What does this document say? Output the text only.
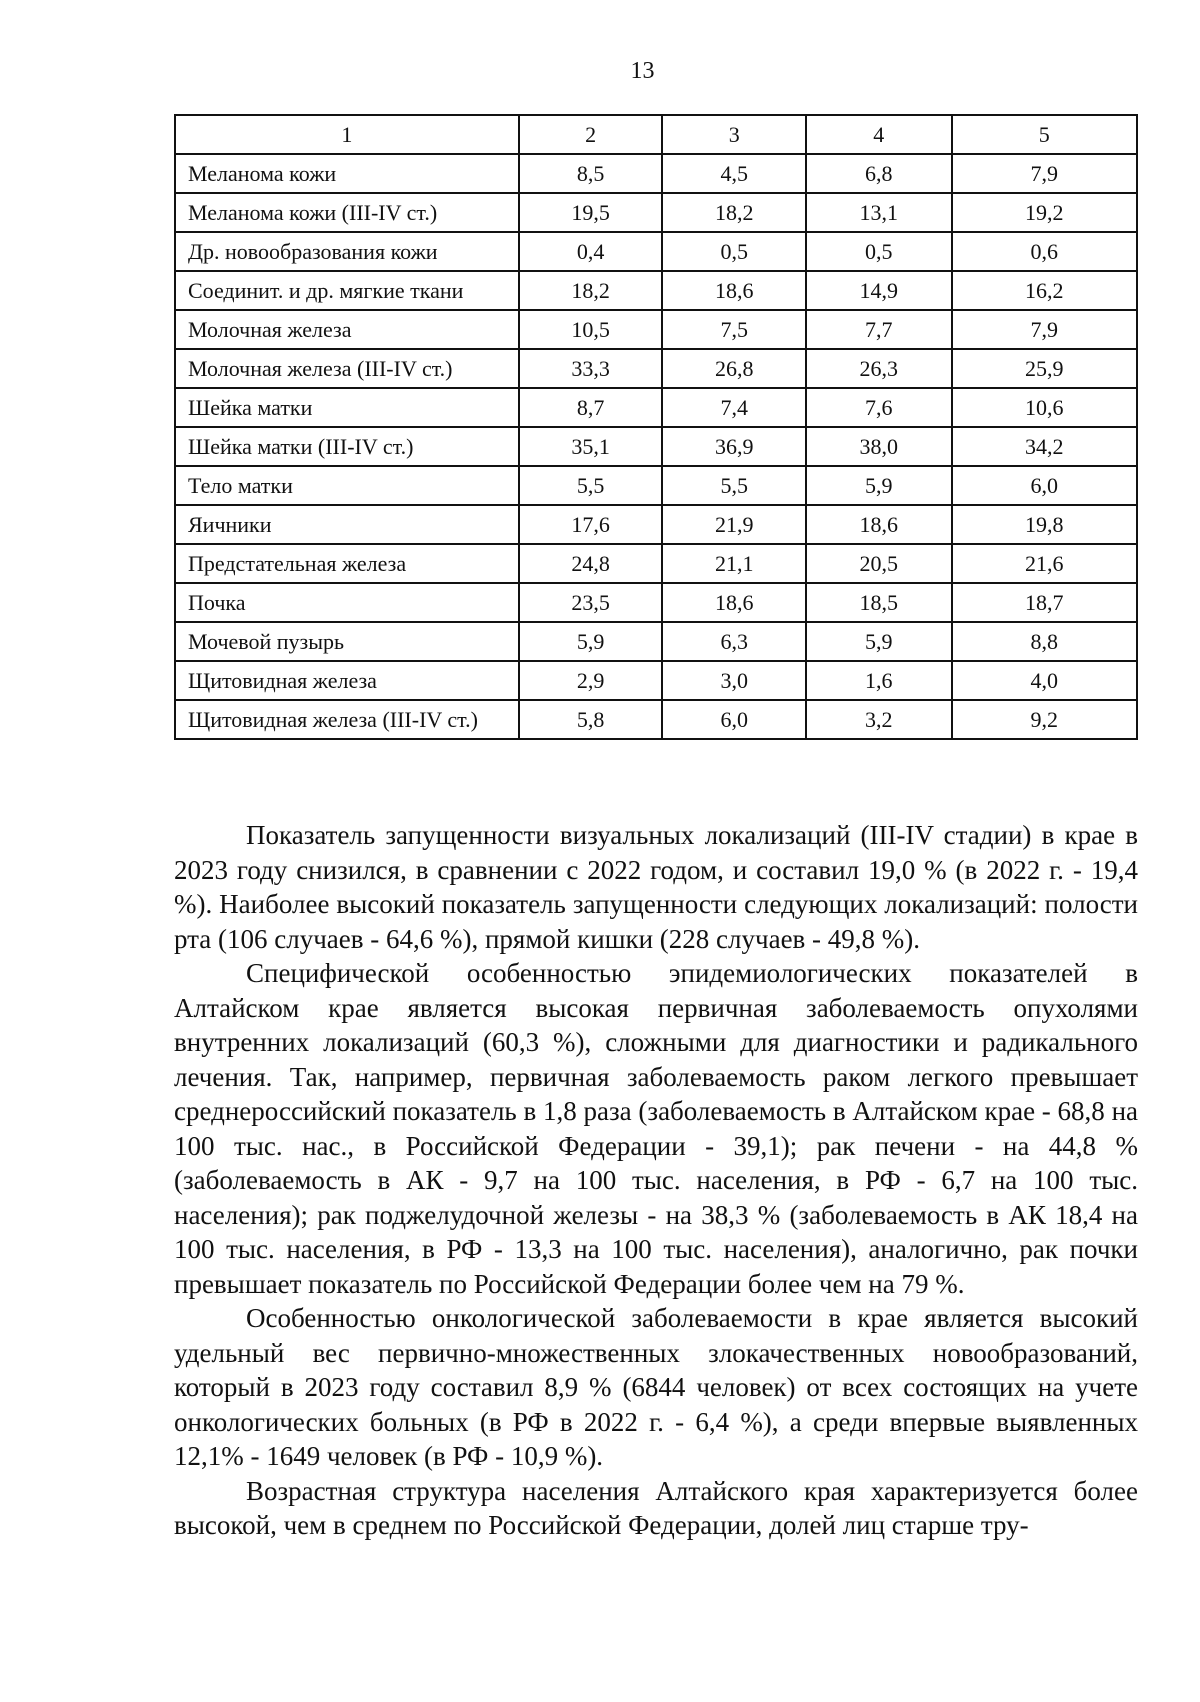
13
1	2	3	4	5
Меланома кожи	8,5	4,5	6,8	7,9
Меланома кожи (III-IV ст.)	19,5	18,2	13,1	19,2
Др. новообразования кожи	0,4	0,5	0,5	0,6
Соединит. и др. мягкие ткани	18,2	18,6	14,9	16,2
Молочная железа	10,5	7,5	7,7	7,9
Молочная железа (III-IV ст.)	33,3	26,8	26,3	25,9
Шейка матки	8,7	7,4	7,6	10,6
Шейка матки (III-IV ст.)	35,1	36,9	38,0	34,2
Тело матки	5,5	5,5	5,9	6,0
Яичники	17,6	21,9	18,6	19,8
Предстательная железа	24,8	21,1	20,5	21,6
Почка	23,5	18,6	18,5	18,7
Мочевой пузырь	5,9	6,3	5,9	8,8
Щитовидная железа	2,9	3,0	1,6	4,0
Щитовидная железа (III-IV ст.)	5,8	6,0	3,2	9,2

Показатель запущенности визуальных локализаций (III-IV стадии) в крае в 2023 году снизился, в сравнении с 2022 годом, и составил 19,0 % (в 2022 г. - 19,4 %). Наиболее высокий показатель запущенности следующих локализаций: полости рта (106 случаев - 64,6 %), прямой кишки (228 случаев - 49,8 %).

Специфической особенностью эпидемиологических показателей в Алтайском крае является высокая первичная заболеваемость опухолями внутренних локализаций (60,3 %), сложными для диагностики и радикального лечения. Так, например, первичная заболеваемость раком легкого превышает среднероссийский показатель в 1,8 раза (заболеваемость в Алтайском крае - 68,8 на 100 тыс. нас., в Российской Федерации - 39,1); рак печени - на 44,8 % (заболеваемость в АК - 9,7 на 100 тыс. населения, в РФ - 6,7 на 100 тыс. населения); рак поджелудочной железы - на 38,3 % (заболеваемость в АК 18,4 на 100 тыс. населения, в РФ - 13,3 на 100 тыс. населения), аналогично, рак почки превышает показатель по Российской Федерации более чем на 79 %.

Особенностью онкологической заболеваемости в крае является высокий удельный вес первично-множественных злокачественных новообразований, который в 2023 году составил 8,9 % (6844 человек) от всех состоящих на учете онкологических больных (в РФ в 2022 г. - 6,4 %), а среди впервые выявленных 12,1% - 1649 человек (в РФ - 10,9 %).

Возрастная структура населения Алтайского края характеризуется более высокой, чем в среднем по Российской Федерации, долей лиц старше тру-
